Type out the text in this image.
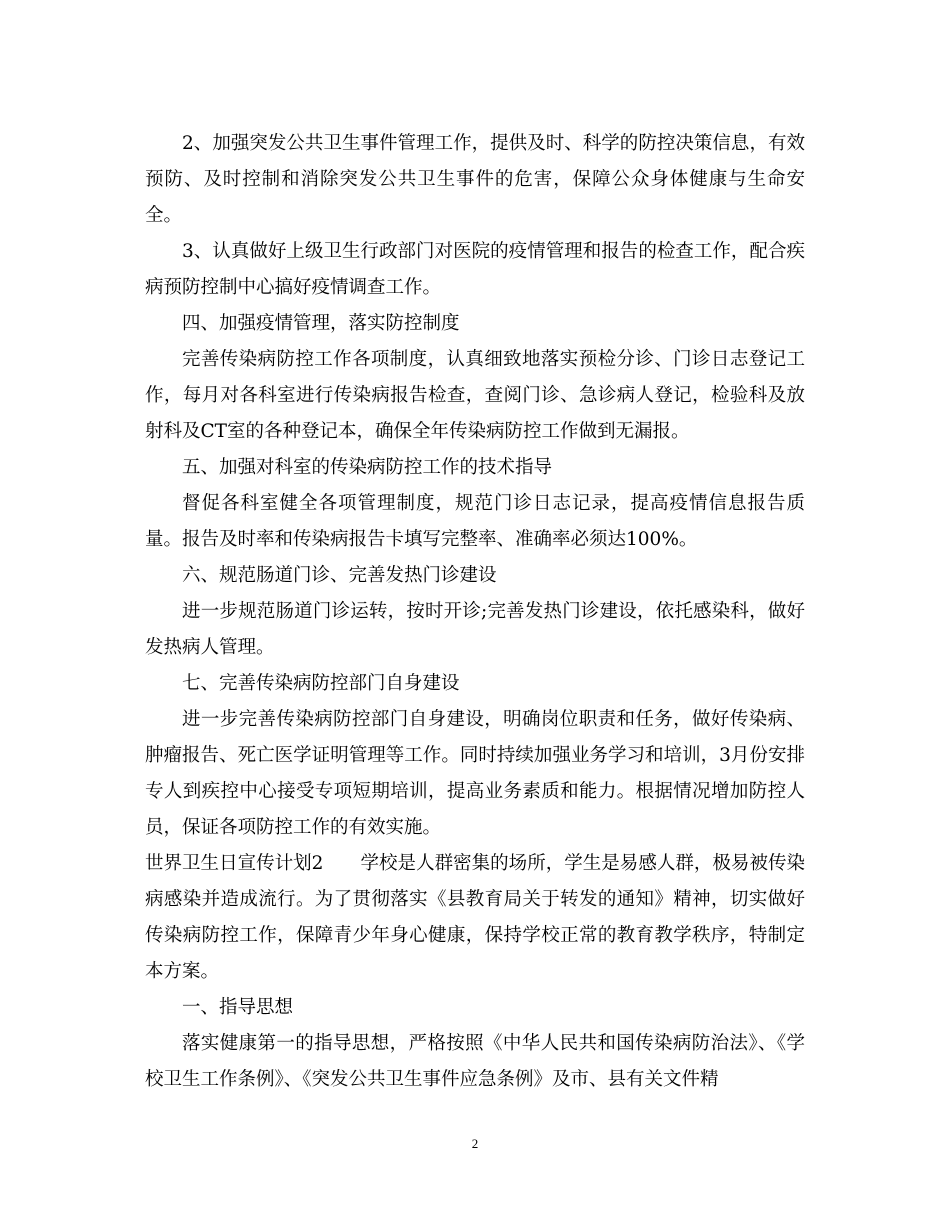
2、加强突发公共卫生事件管理工作，提供及时、科学的防控决策信息，有效预防、及时控制和消除突发公共卫生事件的危害，保障公众身体健康与生命安全。

3、认真做好上级卫生行政部门对医院的疫情管理和报告的检查工作，配合疾病预防控制中心搞好疫情调查工作。

四、加强疫情管理，落实防控制度

完善传染病防控工作各项制度，认真细致地落实预检分诊、门诊日志登记工作，每月对各科室进行传染病报告检查，查阅门诊、急诊病人登记，检验科及放射科及CT室的各种登记本，确保全年传染病防控工作做到无漏报。

五、加强对科室的传染病防控工作的技术指导

督促各科室健全各项管理制度，规范门诊日志记录，提高疫情信息报告质量。报告及时率和传染病报告卡填写完整率、准确率必须达100%。

六、规范肠道门诊、完善发热门诊建设

进一步规范肠道门诊运转，按时开诊;完善发热门诊建设，依托感染科，做好发热病人管理。

七、完善传染病防控部门自身建设

进一步完善传染病防控部门自身建设，明确岗位职责和任务，做好传染病、肿瘤报告、死亡医学证明管理等工作。同时持续加强业务学习和培训，3月份安排专人到疾控中心接受专项短期培训，提高业务素质和能力。根据情况增加防控人员，保证各项防控工作的有效实施。

世界卫生日宣传计划2　　学校是人群密集的场所，学生是易感人群，极易被传染病感染并造成流行。为了贯彻落实《县教育局关于转发的通知》精神，切实做好传染病防控工作，保障青少年身心健康，保持学校正常的教育教学秩序，特制定本方案。

一、指导思想

落实健康第一的指导思想，严格按照《中华人民共和国传染病防治法》、《学校卫生工作条例》、《突发公共卫生事件应急条例》及市、县有关文件精

2
